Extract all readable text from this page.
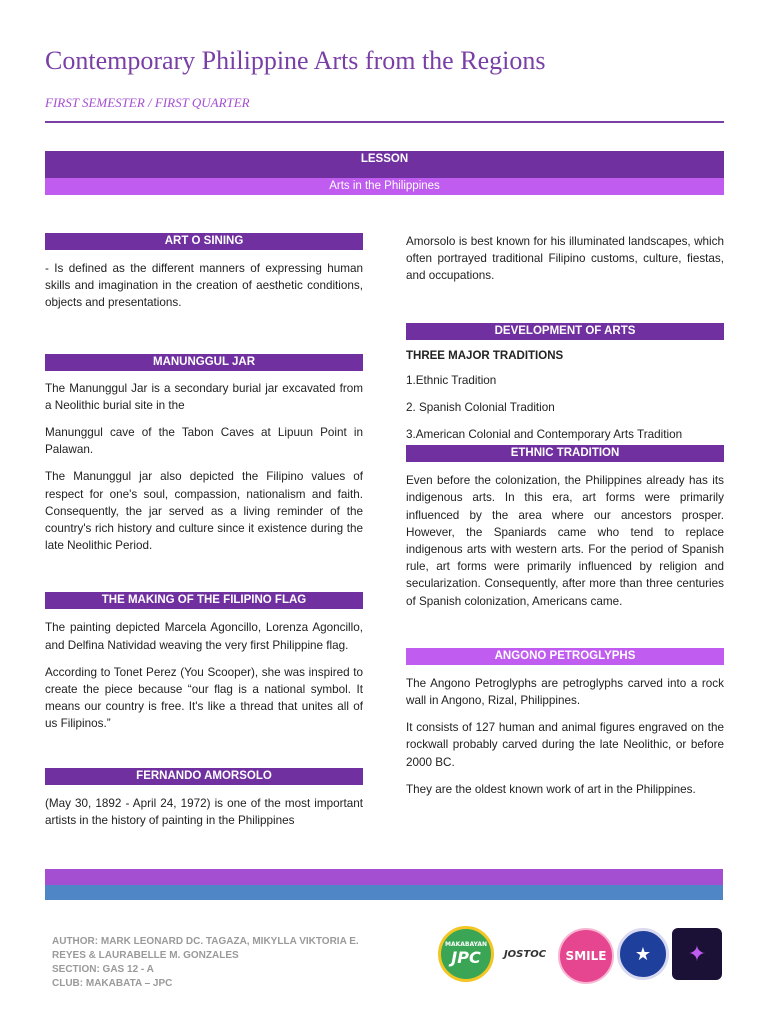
Contemporary Philippine Arts from the Regions
FIRST SEMESTER / FIRST QUARTER
LESSON
Arts in the Philippines
ART O SINING

- Is defined as the different manners of expressing human skills and imagination in the creation of aesthetic conditions, objects and presentations.

MANUNGGUL JAR

The Manunggul Jar is a secondary burial jar excavated from a Neolithic burial site in the

Manunggul cave of the Tabon Caves at Lipuun Point in Palawan.

The Manunggul jar also depicted the Filipino values of respect for one's soul, compassion, nationalism and faith. Consequently, the jar served as a living reminder of the country's rich history and culture since it existence during the late Neolithic Period.

THE MAKING OF THE FILIPINO FLAG

The painting depicted Marcela Agoncillo, Lorenza Agoncillo, and Delfina Natividad weaving the very first Philippine flag.

According to Tonet Perez (You Scooper), she was inspired to create the piece because “our flag is a national symbol. It means our country is free. It's like a thread that unites all of us Filipinos.”

FERNANDO AMORSOLO

(May 30, 1892 - April 24, 1972) is one of the most important artists in the history of painting in the Philippines

Amorsolo is best known for his illuminated landscapes, which often portrayed traditional Filipino customs, culture, fiestas, and occupations.

DEVELOPMENT OF ARTS
THREE MAJOR TRADITIONS

1.Ethnic Tradition

2. Spanish Colonial Tradition

3.American Colonial and Contemporary Arts Tradition

ETHNIC TRADITION

Even before the colonization, the Philippines already has its indigenous arts. In this era, art forms were primarily influenced by the area where our ancestors prosper. However, the Spaniards came who tend to replace indigenous arts with western arts. For the period of Spanish rule, art forms were primarily influenced by religion and secularization. Consequently, after more than three centuries of Spanish colonization, Americans came.

ANGONO PETROGLYPHS

The Angono Petroglyphs are petroglyphs carved into a rock wall in Angono, Rizal, Philippines.

It consists of 127 human and animal figures engraved on the rockwall probably carved during the late Neolithic, or before 2000 BC.

They are the oldest known work of art in the Philippines.

AUTHOR: MARK LEONARD DC. TAGAZA, MIKYLLA VIKTORIA E.
REYES & LAURABELLE M. GONZALES
SECTION: GAS 12 - A
CLUB: MAKABATA – JPC
MAKABAYAN
JPC JOSTOC SMILE ★ ✦
